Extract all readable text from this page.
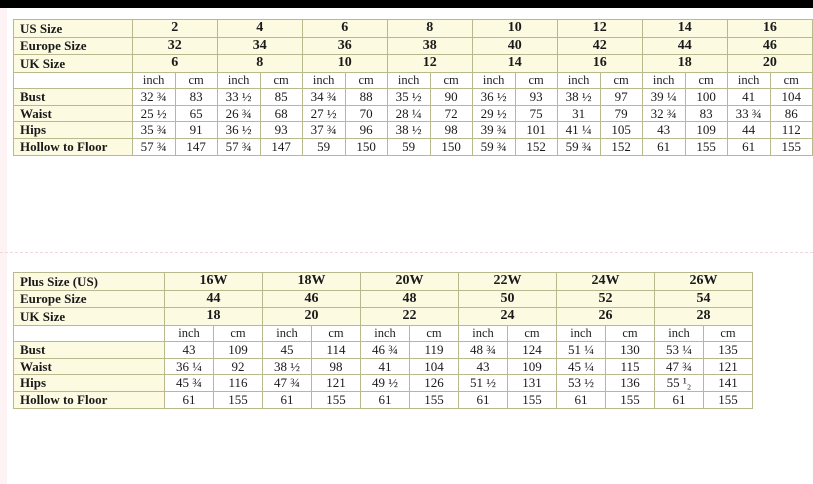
US Size	2		4		6		8		10		12		14		16	
Europe Size	32		34		36		38		40		42		44		46	
UK Size	6		8		10		12		14		16		18		20	
	inch	cm	inch	cm	inch	cm	inch	cm	inch	cm	inch	cm	inch	cm	inch	cm
Bust	32 ¾	83	33 ½	85	34 ¾	88	35 ½	90	36 ½	93	38 ½	97	39 ¼	100	41	104
Waist	25 ½	65	26 ¾	68	27 ½	70	28 ¼	72	29 ½	75	31	79	32 ¾	83	33 ¾	86
Hips	35 ¾	91	36 ½	93	37 ¾	96	38 ½	98	39 ¾	101	41 ¼	105	43	109	44	112
Hollow to Floor	57 ¾	147	57 ¾	147	59	150	59	150	59 ¾	152	59 ¾	152	61	155	61	155
Plus Size (US)	16W		18W		20W		22W		24W		26W	
Europe Size	44		46		48		50		52		54	
UK Size	18		20		22		24		26		28	
	inch	cm	inch	cm	inch	cm	inch	cm	inch	cm	inch	cm
Bust	43	109	45	114	46 ¾	119	48 ¾	124	51 ¼	130	53 ¼	135
Waist	36 ¼	92	38 ½	98	41	104	43	109	45 ¼	115	47 ¾	121
Hips	45 ¾	116	47 ¾	121	49 ½	126	51 ½	131	53 ½	136	55 ¹₂	141
Hollow to Floor	61	155	61	155	61	155	61	155	61	155	61	155
